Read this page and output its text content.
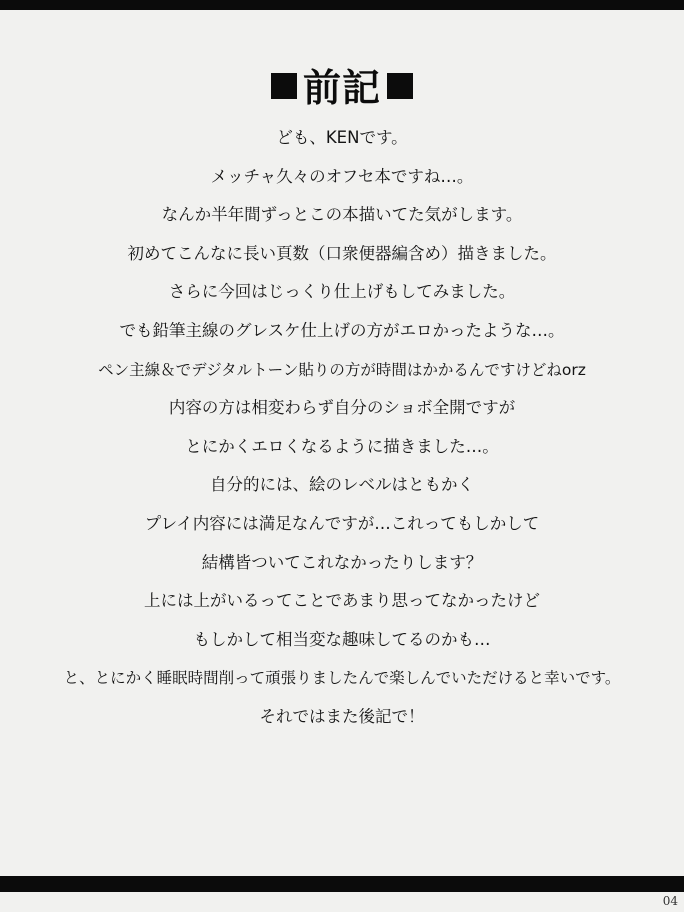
前記
ども、KENです。
メッチャ久々のオフセ本ですね…。
なんか半年間ずっとこの本描いてた気がします。
初めてこんなに長い頁数（口衆便器編含め）描きました。
さらに今回はじっくり仕上げもしてみました。
でも鉛筆主線のグレスケ仕上げの方がエロかったような…。
ペン主線＆でデジタルトーン貼りの方が時間はかかるんですけどねorz
内容の方は相変わらず自分のショボ全開ですが
とにかくエロくなるように描きました…。
自分的には、絵のレベルはともかく
プレイ内容には満足なんですが…これってもしかして
結構皆ついてこれなかったりします？
上には上がいるってことであまり思ってなかったけど
もしかして相当変な趣味してるのかも…
と、とにかく睡眠時間削って頑張りましたんで楽しんでいただけると幸いです。
それではまた後記で！
04
